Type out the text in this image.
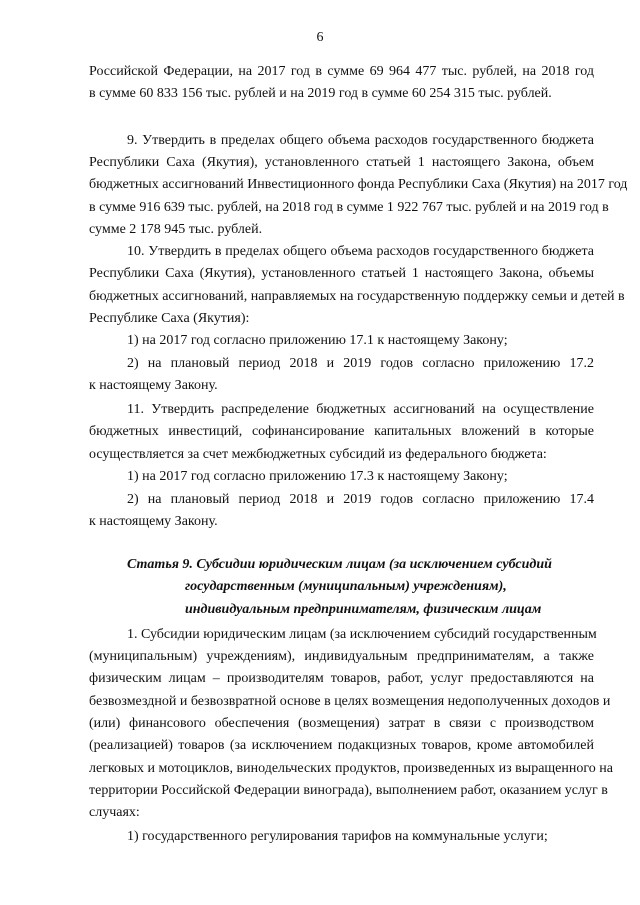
6
Российской Федерации, на 2017 год в сумме 69 964 477 тыс. рублей, на 2018 год
в сумме 60 833 156 тыс. рублей и на 2019 год в сумме 60 254 315 тыс. рублей.
9. Утвердить в пределах общего объема расходов государственного бюджета
Республики Саха (Якутия), установленного статьей 1 настоящего Закона, объем
бюджетных ассигнований Инвестиционного фонда Республики Саха (Якутия) на 2017 год
в сумме 916 639 тыс. рублей, на 2018 год в сумме 1 922 767 тыс. рублей и на 2019 год в
сумме 2 178 945 тыс. рублей.
10. Утвердить в пределах общего объема расходов государственного бюджета
Республики Саха (Якутия), установленного статьей 1 настоящего Закона, объемы
бюджетных ассигнований, направляемых на государственную поддержку семьи и детей в
Республике Саха (Якутия):
1) на 2017 год согласно приложению 17.1 к настоящему Закону;
2) на плановый период 2018 и 2019 годов согласно приложению 17.2
к настоящему Закону.
11. Утвердить распределение бюджетных ассигнований на осуществление
бюджетных инвестиций, софинансирование капитальных вложений в которые
осуществляется за счет межбюджетных субсидий из федерального бюджета:
1) на 2017 год согласно приложению 17.3 к настоящему Закону;
2) на плановый период 2018 и 2019 годов согласно приложению 17.4
к настоящему Закону.
Статья 9. Субсидии юридическим лицам (за исключением субсидий
государственным (муниципальным) учреждениям),
индивидуальным предпринимателям, физическим лицам
1. Субсидии юридическим лицам (за исключением субсидий государственным
(муниципальным) учреждениям), индивидуальным предпринимателям, а также
физическим лицам – производителям товаров, работ, услуг предоставляются на
безвозмездной и безвозвратной основе в целях возмещения недополученных доходов и
(или) финансового обеспечения (возмещения) затрат в связи с производством
(реализацией) товаров (за исключением подакцизных товаров, кроме автомобилей
легковых и мотоциклов, винодельческих продуктов, произведенных из выращенного на
территории Российской Федерации винограда), выполнением работ, оказанием услуг в
случаях:
1) государственного регулирования тарифов на коммунальные услуги;
